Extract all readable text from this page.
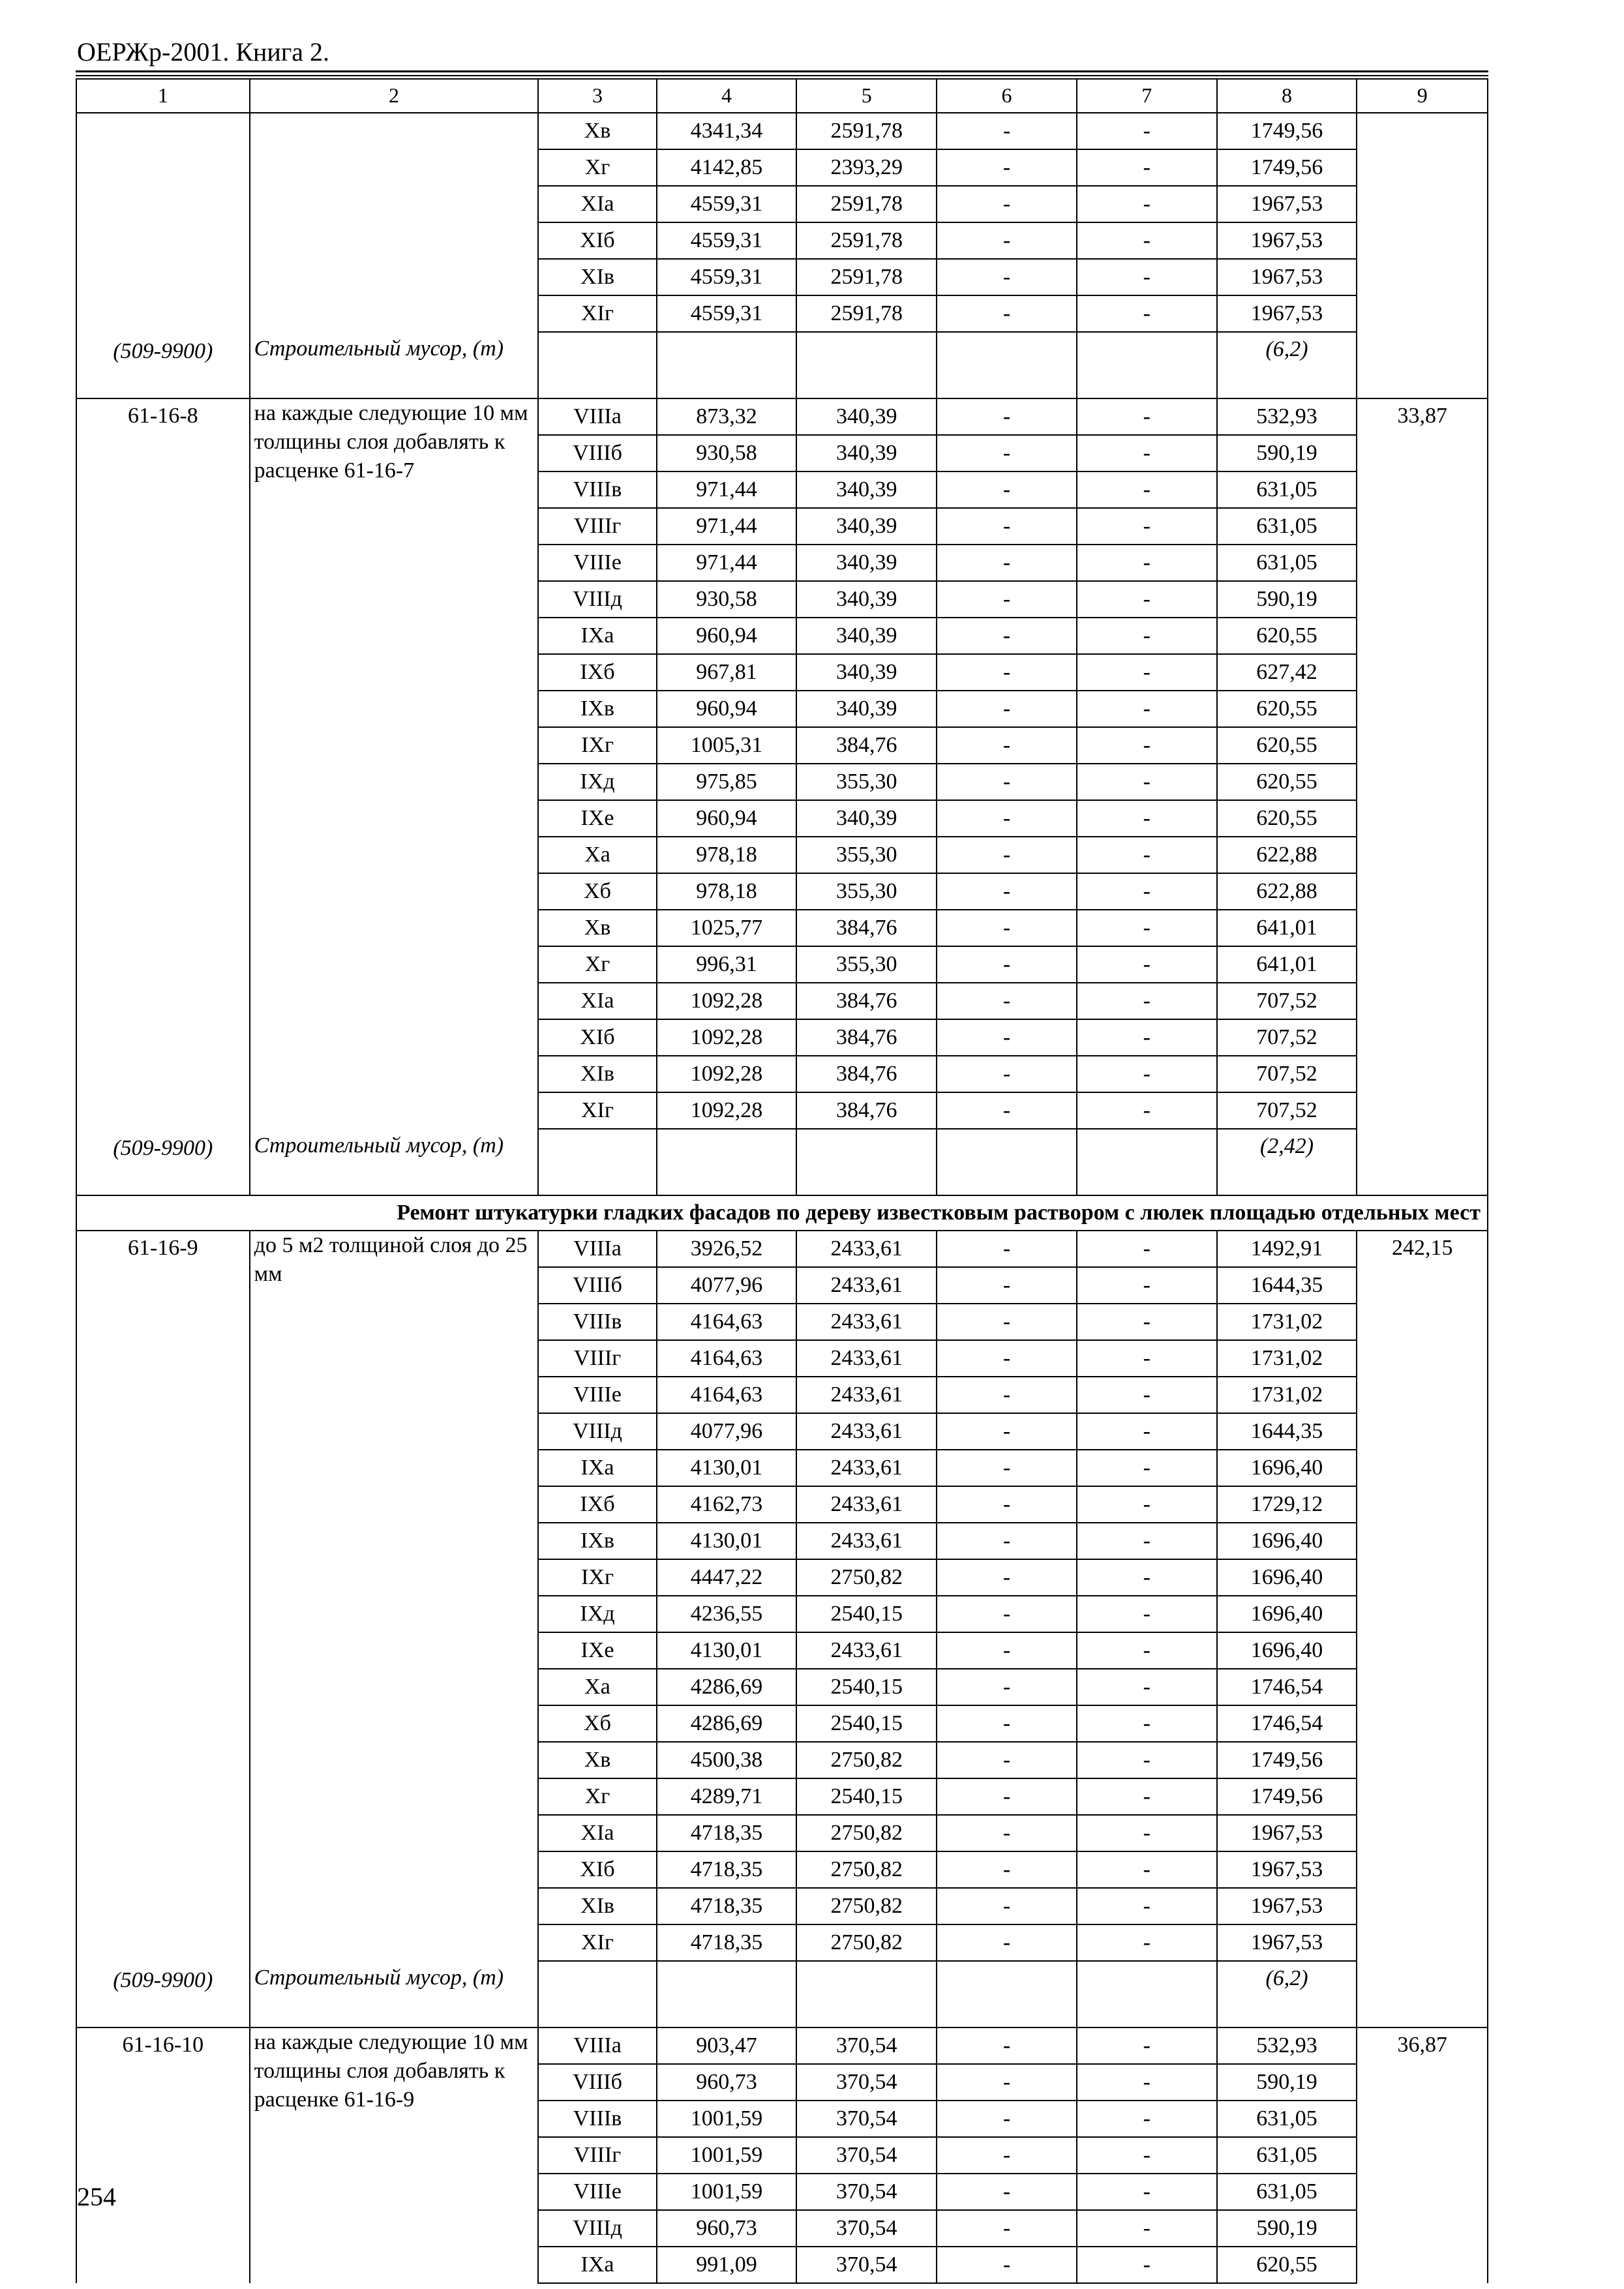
ОЕРЖр-2001. Книга 2.
1	2	3	4	5	6	7	8	9
		Xв	4341,34	2591,78	-	-	1749,56	
		Xг	4142,85	2393,29	-	-	1749,56	
		XIа	4559,31	2591,78	-	-	1967,53	
		XIб	4559,31	2591,78	-	-	1967,53	
		XIв	4559,31	2591,78	-	-	1967,53	
		XIг	4559,31	2591,78	-	-	1967,53	
(509-9900)	Строительный мусор, (т)						(6,2)	
61-16-8	на каждые следующие 10 мм толщины слоя добавлять к расценке 61-16-7	VIIIа	873,32	340,39	-	-	532,93	33,87
		VIIIб	930,58	340,39	-	-	590,19	
		VIIIв	971,44	340,39	-	-	631,05	
		VIIIг	971,44	340,39	-	-	631,05	
		VIIIе	971,44	340,39	-	-	631,05	
		VIIIд	930,58	340,39	-	-	590,19	
		IXа	960,94	340,39	-	-	620,55	
		IXб	967,81	340,39	-	-	627,42	
		IXв	960,94	340,39	-	-	620,55	
		IXг	1005,31	384,76	-	-	620,55	
		IXд	975,85	355,30	-	-	620,55	
		IXе	960,94	340,39	-	-	620,55	
		Xа	978,18	355,30	-	-	622,88	
		Xб	978,18	355,30	-	-	622,88	
		Xв	1025,77	384,76	-	-	641,01	
		Xг	996,31	355,30	-	-	641,01	
		XIа	1092,28	384,76	-	-	707,52	
		XIб	1092,28	384,76	-	-	707,52	
		XIв	1092,28	384,76	-	-	707,52	
		XIг	1092,28	384,76	-	-	707,52	
(509-9900)	Строительный мусор, (т)						(2,42)	
Ремонт штукатурки гладких фасадов по дереву известковым раствором с люлек площадью отдельных мест								
61-16-9	до 5 м2 толщиной слоя до 25 мм	VIIIа	3926,52	2433,61	-	-	1492,91	242,15
		VIIIб	4077,96	2433,61	-	-	1644,35	
		VIIIв	4164,63	2433,61	-	-	1731,02	
		VIIIг	4164,63	2433,61	-	-	1731,02	
		VIIIе	4164,63	2433,61	-	-	1731,02	
		VIIIд	4077,96	2433,61	-	-	1644,35	
		IXа	4130,01	2433,61	-	-	1696,40	
		IXб	4162,73	2433,61	-	-	1729,12	
		IXв	4130,01	2433,61	-	-	1696,40	
		IXг	4447,22	2750,82	-	-	1696,40	
		IXд	4236,55	2540,15	-	-	1696,40	
		IXе	4130,01	2433,61	-	-	1696,40	
		Xа	4286,69	2540,15	-	-	1746,54	
		Xб	4286,69	2540,15	-	-	1746,54	
		Xв	4500,38	2750,82	-	-	1749,56	
		Xг	4289,71	2540,15	-	-	1749,56	
		XIа	4718,35	2750,82	-	-	1967,53	
		XIб	4718,35	2750,82	-	-	1967,53	
		XIв	4718,35	2750,82	-	-	1967,53	
		XIг	4718,35	2750,82	-	-	1967,53	
(509-9900)	Строительный мусор, (т)						(6,2)	
61-16-10	на каждые следующие 10 мм толщины слоя добавлять к расценке 61-16-9	VIIIа	903,47	370,54	-	-	532,93	36,87
		VIIIб	960,73	370,54	-	-	590,19	
		VIIIв	1001,59	370,54	-	-	631,05	
		VIIIг	1001,59	370,54	-	-	631,05	
		VIIIе	1001,59	370,54	-	-	631,05	
		VIIIд	960,73	370,54	-	-	590,19	
		IXа	991,09	370,54	-	-	620,55	
254
